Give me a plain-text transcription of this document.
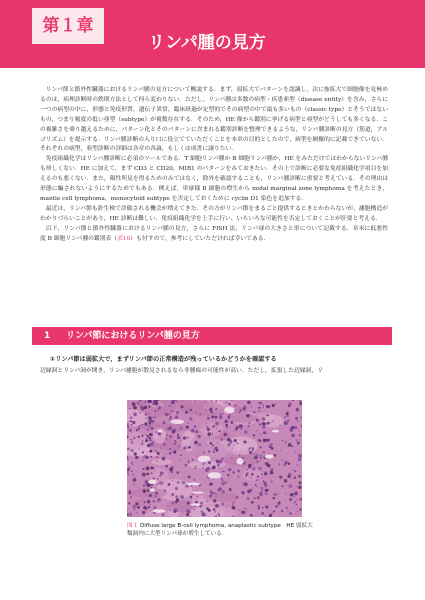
第１章
リンパ腫の見方

リンパ節と節外性臓器におけるリンパ腫の見方について概説する．まず，弱拡大でパターンを認識し，次に強拡大で細胞像を見極めるのは，病理診断時の鉄則方法として何ら変わりない．ただし，リンパ腫は多数の病型・疾患亜型（disease entity）を含み，さらに一つの病型の中に，形態と免疫形質，遺伝子異常，臨床経過が定型的でその病型の中で最も多いもの（classic type）とそうではないもの，つまり頻度の低い亜型（subtype）が複数存在する．そのため，HE 像から鑑別に挙げる病型と亜型がどうしても多くなる．この複雑さを乗り越えるために，パターン化とそのパターンに含まれる鑑別診断を整理できるような，リンパ腫診断の見方（筋道，アルゴリズム）を提示する．リンパ腫診断の入り口に役立てていただくことを本章の目的としたので，病型を網羅的に記載できていない．それぞれの病型，亜型診断の詳細は各章の各論，もしくは成書に譲りたい．

免疫組織化学はリンパ腫診断に必須のツールである．T 細胞リンパ腫か B 細胞リンパ腫か，HE をみただけではわからないリンパ腫も珍しくない．HE に加えて，まず CD3 と CD20，MIB1 のパターンをみておきたい．その上で診断に必要な免疫組織化学項目を加えるのも悪くない．また，陽性所見を得るためのみではなく，除外を確認することも，リンパ腫診断に重要と考えている．その理由は形態に騙されないようにするためでもある．例えば，単球様 B 細胞の増生から nodal marginal zone lymphoma を考えたとき，mantle cell lymphoma，monocytoid subtype を否定しておくために cyclin D1 染色を追加する．

最近は，リンパ節も針生検で評価される機会が増えてきた．その方がリンパ節をまるごと提供するときとかわらないが，濾胞構造がわかりづらいことがあり，HE 診断は難しい．免疫組織化学を上手に行い，いろいろな可能性を否定しておくことが肝要と考える．

以下，リンパ節と節外性臓器におけるリンパ腫の見方，さらに FISH 法，リンパ球の大きさと形について記載する．章末に低悪性度 B 細胞リンパ腫の鑑別表（表10）も付すので，参考にしていただければ幸いである．

1 リンパ節におけるリンパ腫の見方
①リンパ節は弱拡大で，まずリンパ節の正常構造が残っているかどうかを確認する
辺縁洞とリンパ洞が開き，リンパ濾胞が散見されるなら非腫瘍の可能性が高い．ただし，拡張した辺縁洞，リ
図１ Diffuse large B-cell lymphoma, anaplastic subtype　HE 弱拡大
類洞内に大型リンパ球が増生している．
